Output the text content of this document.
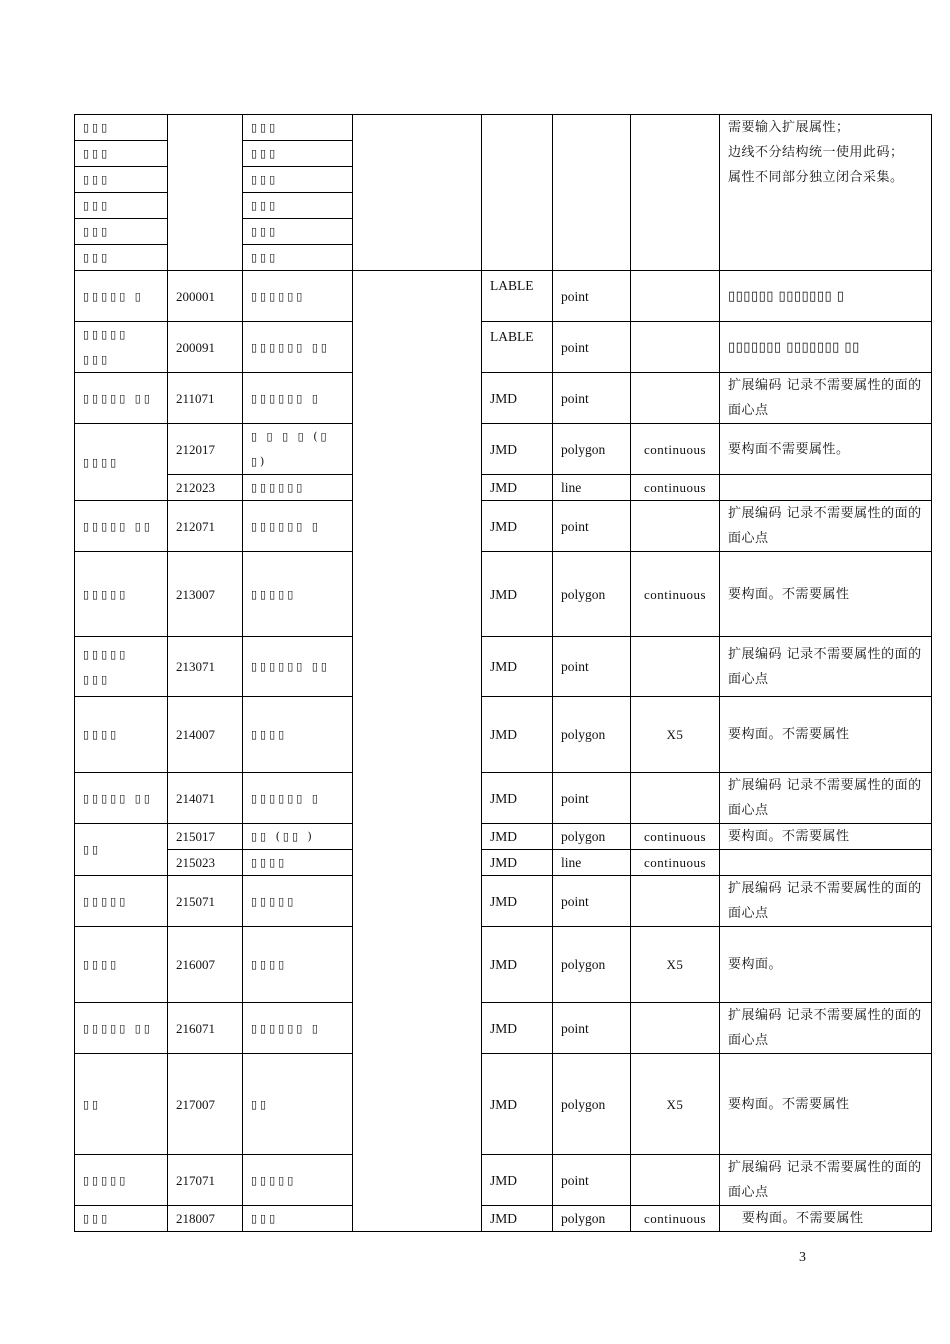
▯▯▯		▯▯▯					需要输入扩展属性；
边线不分结构统一使用此码；
属性不同部分独立闭合采集。

▯▯▯		▯▯▯					
▯▯▯		▯▯▯					
▯▯▯		▯▯▯					
▯▯▯		▯▯▯					
▯▯▯		▯▯▯					
▯▯▯▯▯ ▯	200001	▯▯▯▯▯▯		LABLE	point		▯▯▯▯▯▯ ▯▯▯▯▯▯▯ ▯
▯▯▯▯▯ ▯▯▯	200091	▯▯▯▯▯▯ ▯▯		LABLE	point		▯▯▯▯▯▯▯ ▯▯▯▯▯▯▯ ▯▯
▯▯▯▯▯ ▯▯	211071	▯▯▯▯▯▯ ▯		JMD	point		扩展编码 记录不需要属性的面的面心点
▯▯▯▯	212017	▯ ▯ ▯ ▯ (▯ ▯)		JMD	polygon	continuous	要构面不需要属性。
	212023	▯▯▯▯▯▯		JMD	line	continuous	
▯▯▯▯▯ ▯▯	212071	▯▯▯▯▯▯ ▯		JMD	point		扩展编码 记录不需要属性的面的面心点
▯▯▯▯▯	213007	▯▯▯▯▯		JMD	polygon	continuous	要构面。不需要属性
▯▯▯▯▯ ▯▯▯	213071	▯▯▯▯▯▯ ▯▯		JMD	point		扩展编码 记录不需要属性的面的面心点
▯▯▯▯	214007	▯▯▯▯		JMD	polygon	X5	要构面。不需要属性
▯▯▯▯▯ ▯▯	214071	▯▯▯▯▯▯ ▯		JMD	point		扩展编码 记录不需要属性的面的面心点
▯▯	215017	▯▯ (▯▯ )		JMD	polygon	continuous	要构面。不需要属性
	215023	▯▯▯▯		JMD	line	continuous	
▯▯▯▯▯	215071	▯▯▯▯▯		JMD	point		扩展编码 记录不需要属性的面的面心点
▯▯▯▯	216007	▯▯▯▯		JMD	polygon	X5	要构面。
▯▯▯▯▯ ▯▯	216071	▯▯▯▯▯▯ ▯		JMD	point		扩展编码 记录不需要属性的面的面心点
▯▯	217007	▯▯		JMD	polygon	X5	要构面。不需要属性
▯▯▯▯▯	217071	▯▯▯▯▯		JMD	point		扩展编码 记录不需要属性的面的面心点
▯▯▯	218007	▯▯▯		JMD	polygon	continuous	要构面。不需要属性
3
